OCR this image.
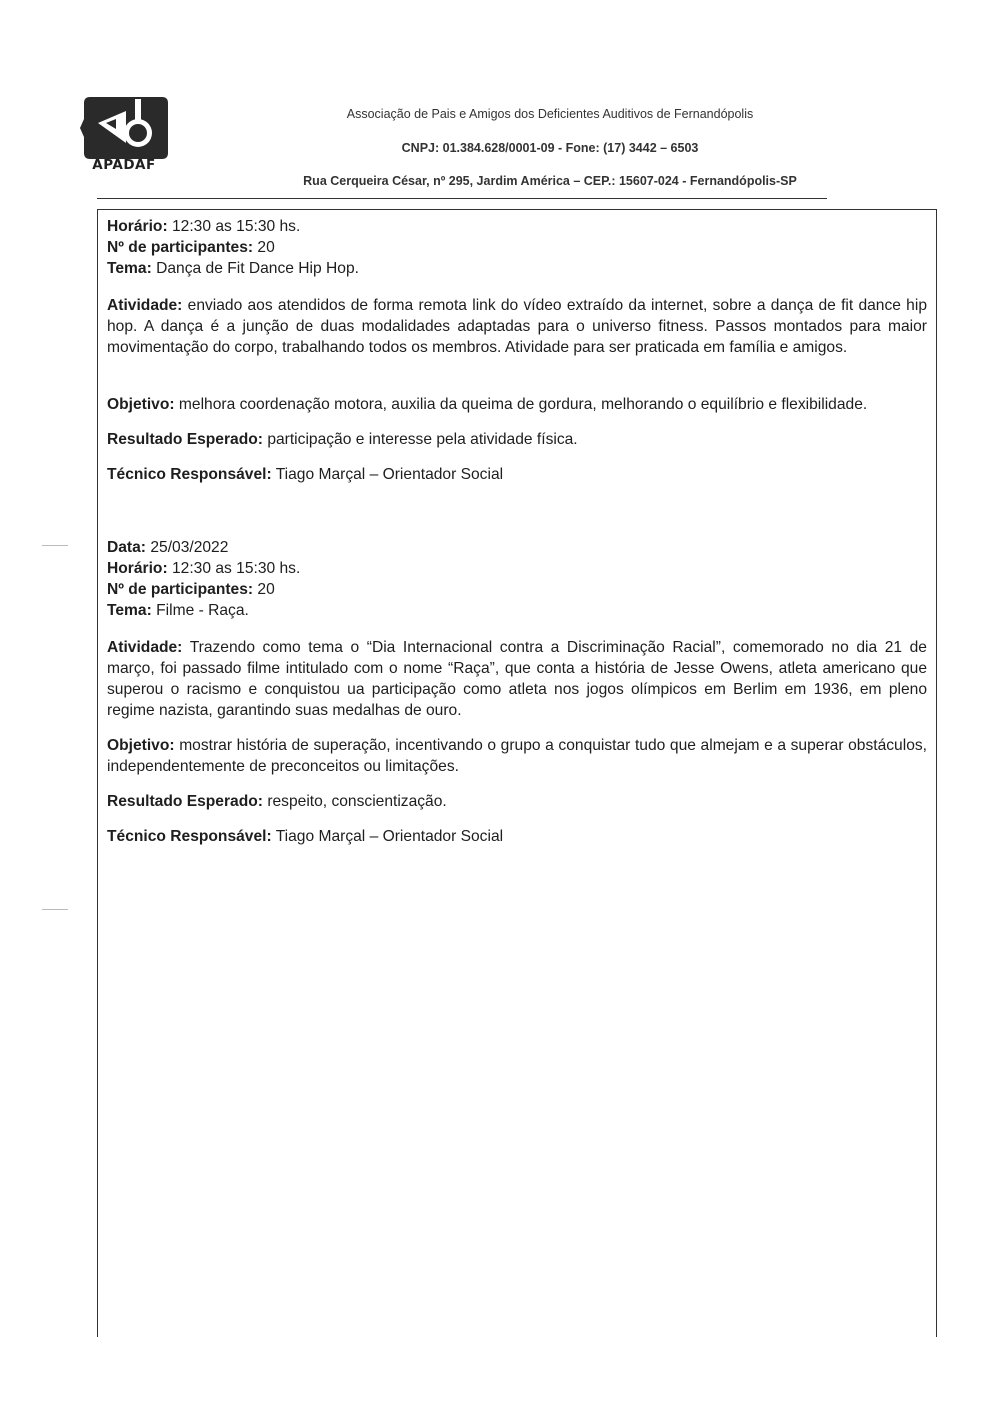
APADAF
Associação de Pais e Amigos dos Deficientes Auditivos de Fernandópolis
CNPJ: 01.384.628/0001-09 - Fone: (17) 3442 – 6503
Rua Cerqueira César, nº 295, Jardim América – CEP.: 15607-024 - Fernandópolis-SP

Horário: 12:30 as 15:30 hs.

Nº de participantes: 20

Tema: Dança de Fit Dance Hip Hop.

Atividade: enviado aos atendidos de forma remota link do vídeo extraído da internet, sobre a dança de fit dance hip hop. A dança é a junção de duas modalidades adaptadas para o universo fitness. Passos montados para maior movimentação do corpo, trabalhando todos os membros. Atividade para ser praticada em família e amigos.

Objetivo: melhora coordenação motora, auxilia da queima de gordura, melhorando o equilíbrio e flexibilidade.

Resultado Esperado: participação e interesse pela atividade física.

Técnico Responsável: Tiago Marçal – Orientador Social

Data: 25/03/2022

Horário: 12:30 as 15:30 hs.

Nº de participantes: 20

Tema: Filme - Raça.

Atividade: Trazendo como tema o “Dia Internacional contra a Discriminação Racial”, comemorado no dia 21 de março, foi passado filme intitulado com o nome “Raça”, que conta a história de Jesse Owens, atleta americano que superou o racismo e conquistou ua participação como atleta nos jogos olímpicos em Berlim em 1936, em pleno regime nazista, garantindo suas medalhas de ouro.

Objetivo: mostrar história de superação, incentivando o grupo a conquistar tudo que almejam e a superar obstáculos, independentemente de preconceitos ou limitações.

Resultado Esperado: respeito, conscientização.

Técnico Responsável: Tiago Marçal – Orientador Social
